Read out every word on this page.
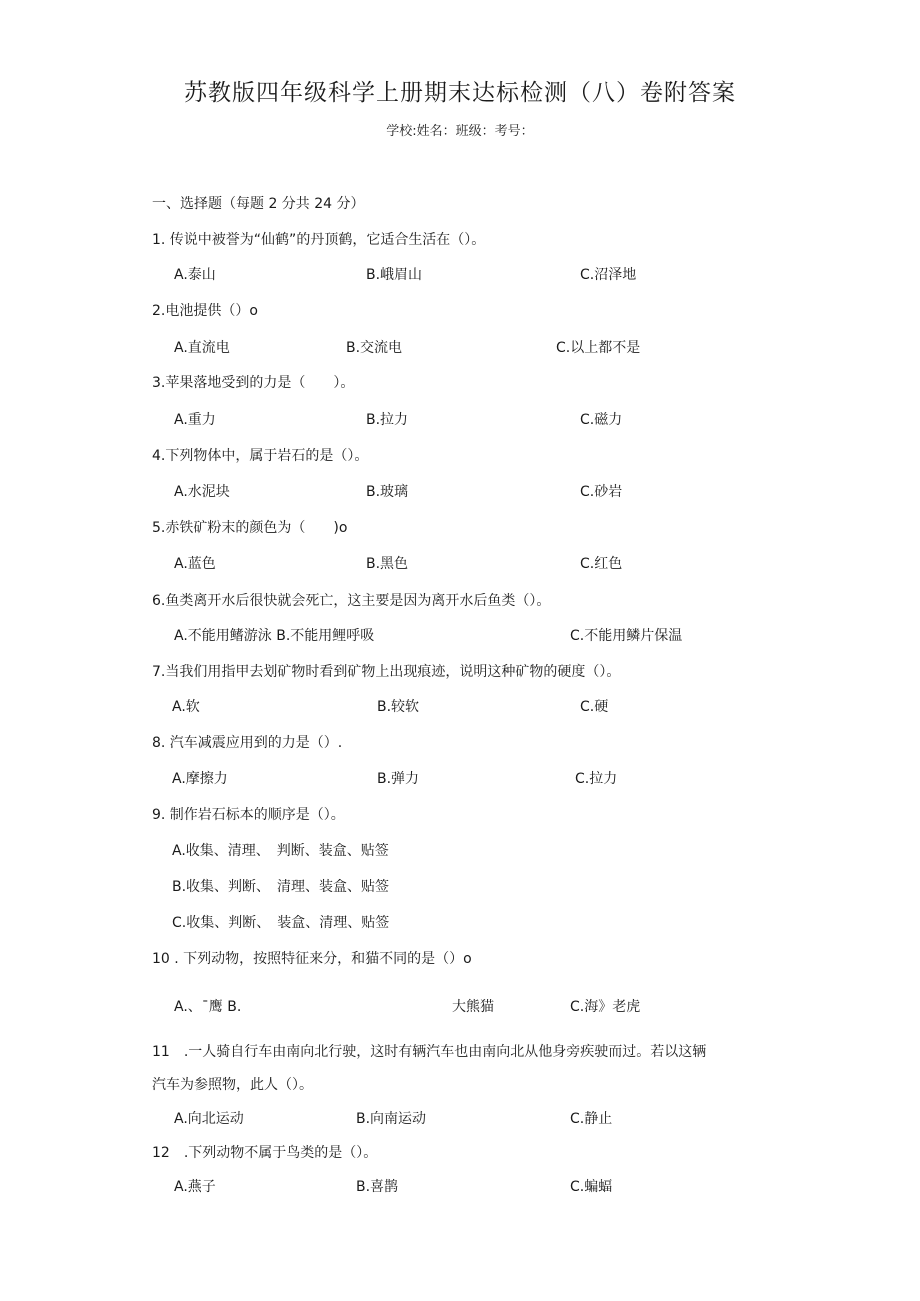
苏教版四年级科学上册期末达标检测（八）卷附答案
学校:姓名：班级：考号：
一、选择题（每题 2 分共 24 分）
1. 传说中被誉为“仙鹤”的丹顶鹤，它适合生活在（）。
A.泰山	B.峨眉山	C.沼泽地
2.电池提供（）o
A.直流电	B.交流电	C.以上都不是
3.苹果落地受到的力是（　　）。
A.重力	B.拉力	C.磁力
4.下列物体中，属于岩石的是（）。
A.水泥块	B.玻璃	C.砂岩
5.赤铁矿粉末的颜色为（　　)o
A.蓝色	B.黑色	C.红色
6.鱼类离开水后很快就会死亡，这主要是因为离开水后鱼类（）。
A.不能用鳍游泳 B.不能用鲤呼吸	C.不能用鳞片保温
7.当我们用指甲去划矿物时看到矿物上出现痕迹，说明这种矿物的硬度（）。
A.软	B.较软	C.硬
8. 汽车减震应用到的力是（）.
A.摩擦力	B.弹力	C.拉力
9. 制作岩石标本的顺序是（）。
A.收集、清理、　判断、装盒、贴签
B.收集、判断、　清理、装盒、贴签
C.收集、判断、　装盒、清理、贴签
10 . 下列动物，按照特征来分，和猫不同的是（）o
A.、ˉ鹰 B.	大熊猫	C.海》老虎
11　.一人骑自行车由南向北行驶，这时有辆汽车也由南向北从他身旁疾驶而过。若以这辆
汽车为参照物，此人（）。
A.向北运动	B.向南运动	C.静止
12　.下列动物不属于鸟类的是（）。
A.燕子	B.喜鹊	C.蝙蝠
